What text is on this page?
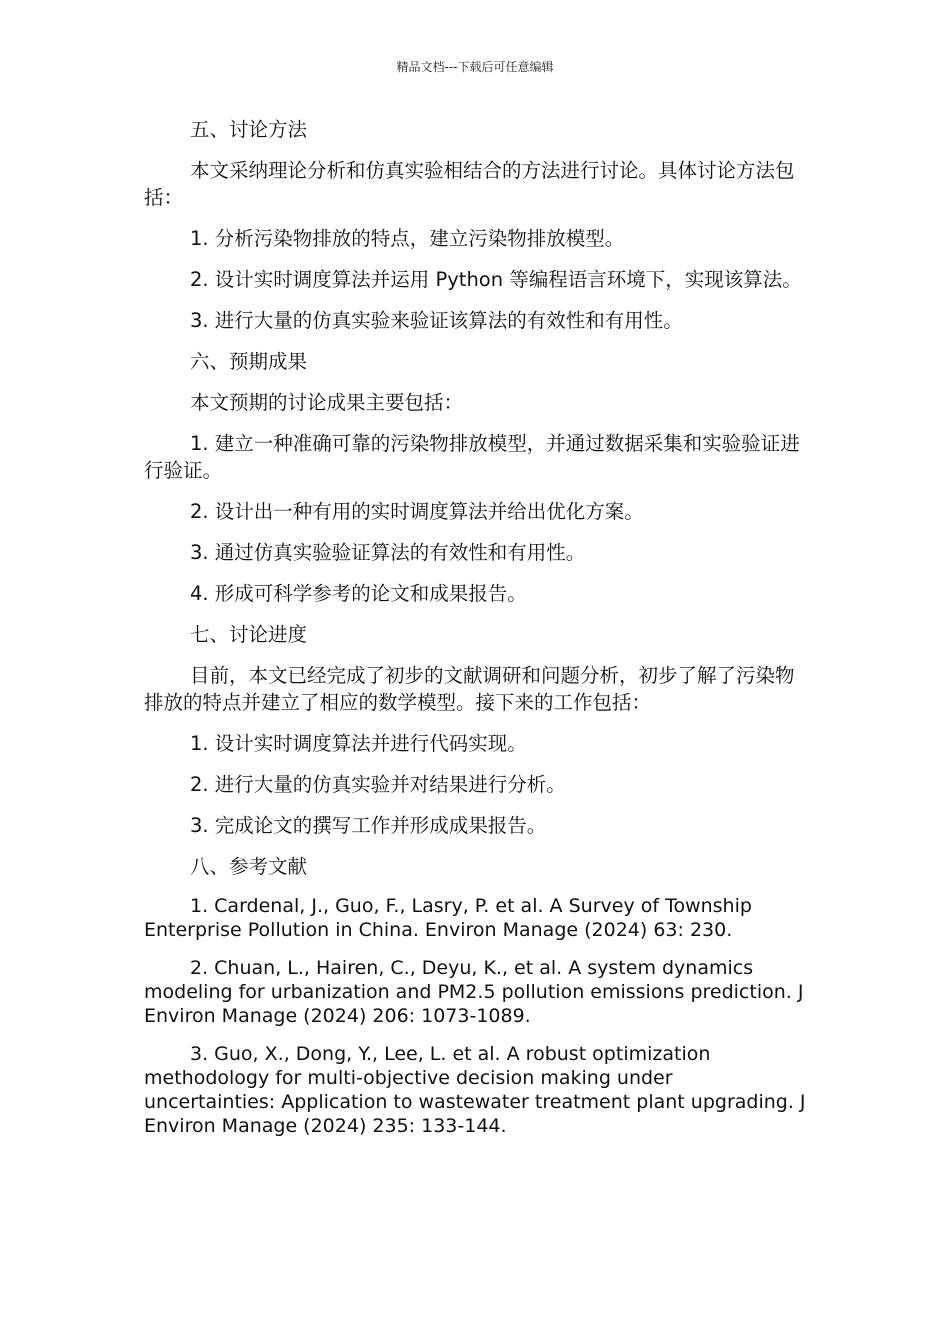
精品文档---下载后可任意编辑

五、讨论方法

本文采纳理论分析和仿真实验相结合的方法进行讨论。具体讨论方法包括：

1. 分析污染物排放的特点，建立污染物排放模型。

2. 设计实时调度算法并运用 Python 等编程语言环境下，实现该算法。

3. 进行大量的仿真实验来验证该算法的有效性和有用性。

六、预期成果

本文预期的讨论成果主要包括：

1. 建立一种准确可靠的污染物排放模型，并通过数据采集和实验验证进行验证。

2. 设计出一种有用的实时调度算法并给出优化方案。

3. 通过仿真实验验证算法的有效性和有用性。

4. 形成可科学参考的论文和成果报告。

七、讨论进度

目前，本文已经完成了初步的文献调研和问题分析，初步了解了污染物排放的特点并建立了相应的数学模型。接下来的工作包括：

1. 设计实时调度算法并进行代码实现。

2. 进行大量的仿真实验并对结果进行分析。

3. 完成论文的撰写工作并形成成果报告。

八、参考文献

1. Cardenal, J., Guo, F., Lasry, P. et al. A Survey of Township Enterprise Pollution in China. Environ Manage (2024) 63: 230.

2. Chuan, L., Hairen, C., Deyu, K., et al. A system dynamics modeling for urbanization and PM2.5 pollution emissions prediction. J Environ Manage (2024) 206: 1073-1089.

3. Guo, X., Dong, Y., Lee, L. et al. A robust optimization methodology for multi-objective decision making under uncertainties: Application to wastewater treatment plant upgrading. J Environ Manage (2024) 235: 133-144.
